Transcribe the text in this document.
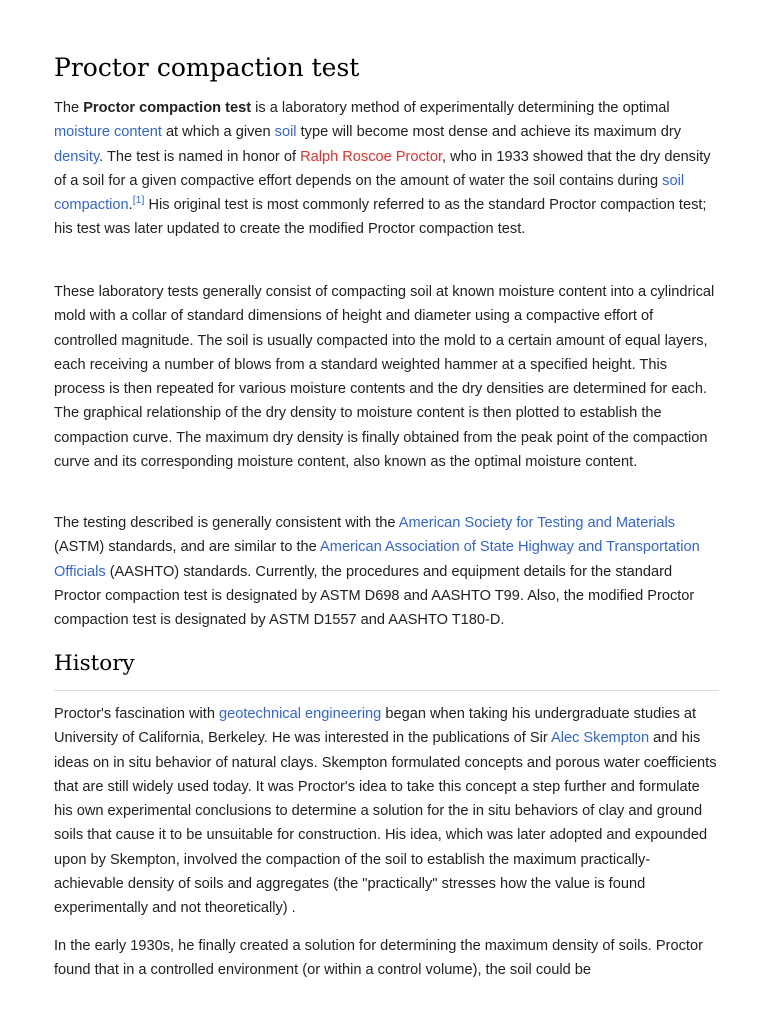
Proctor compaction test

The Proctor compaction test is a laboratory method of experimentally determining the optimal moisture content at which a given soil type will become most dense and achieve its maximum dry density. The test is named in honor of Ralph Roscoe Proctor, who in 1933 showed that the dry density of a soil for a given compactive effort depends on the amount of water the soil contains during soil compaction.[1] His original test is most commonly referred to as the standard Proctor compaction test; his test was later updated to create the modified Proctor compaction test.

These laboratory tests generally consist of compacting soil at known moisture content into a cylindrical mold with a collar of standard dimensions of height and diameter using a compactive effort of controlled magnitude. The soil is usually compacted into the mold to a certain amount of equal layers, each receiving a number of blows from a standard weighted hammer at a specified height. This process is then repeated for various moisture contents and the dry densities are determined for each. The graphical relationship of the dry density to moisture content is then plotted to establish the compaction curve. The maximum dry density is finally obtained from the peak point of the compaction curve and its corresponding moisture content, also known as the optimal moisture content.

The testing described is generally consistent with the American Society for Testing and Materials (ASTM) standards, and are similar to the American Association of State Highway and Transportation Officials (AASHTO) standards. Currently, the procedures and equipment details for the standard Proctor compaction test is designated by ASTM D698 and AASHTO T99. Also, the modified Proctor compaction test is designated by ASTM D1557 and AASHTO T180-D.

History

Proctor's fascination with geotechnical engineering began when taking his undergraduate studies at University of California, Berkeley. He was interested in the publications of Sir Alec Skempton and his ideas on in situ behavior of natural clays. Skempton formulated concepts and porous water coefficients that are still widely used today. It was Proctor's idea to take this concept a step further and formulate his own experimental conclusions to determine a solution for the in situ behaviors of clay and ground soils that cause it to be unsuitable for construction. His idea, which was later adopted and expounded upon by Skempton, involved the compaction of the soil to establish the maximum practically-achievable density of soils and aggregates (the "practically" stresses how the value is found experimentally and not theoretically) .

In the early 1930s, he finally created a solution for determining the maximum density of soils. Proctor found that in a controlled environment (or within a control volume), the soil could be
